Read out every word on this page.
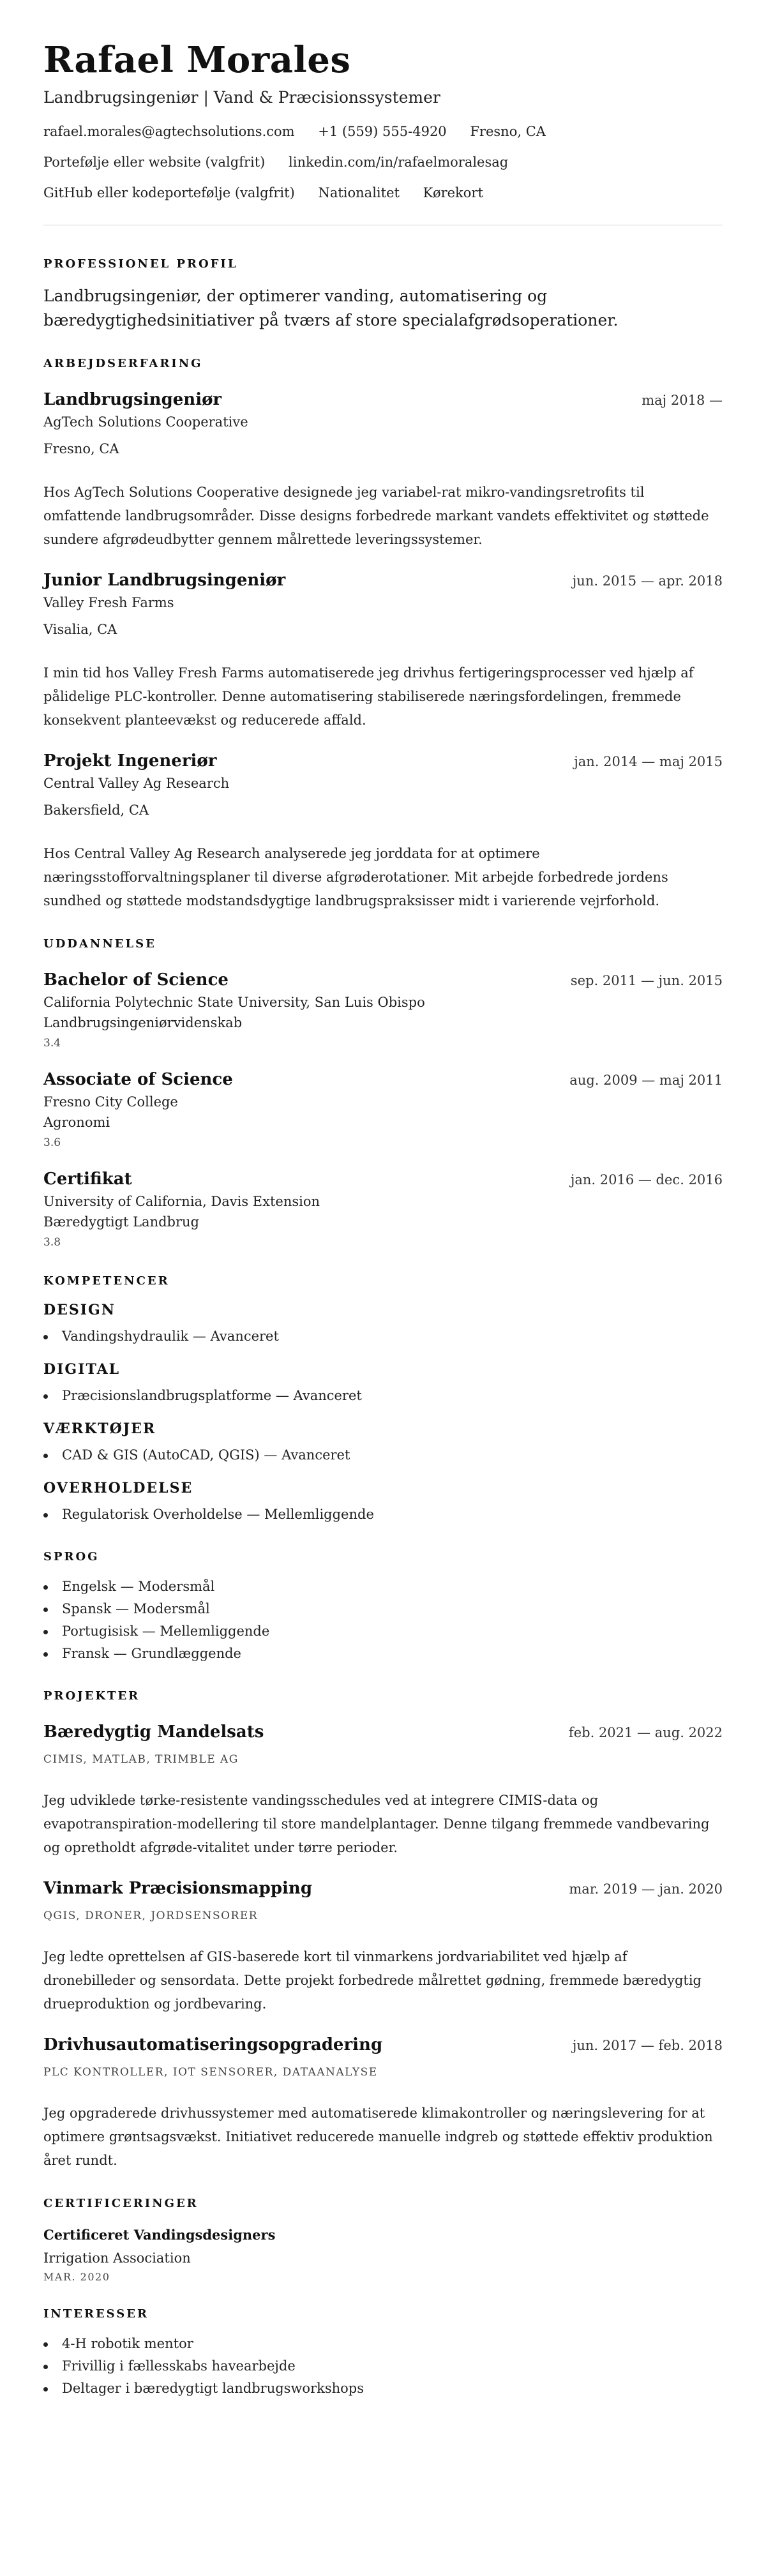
Rafael Morales
Landbrugsingeniør | Vand & Præcisionssystemer
rafael.morales@agtechsolutions.com +1 (559) 555-4920 Fresno, CA
Portefølje eller website (valgfrit) linkedin.com/in/rafaelmoralesag
GitHub eller kodeportefølje (valgfrit) Nationalitet Kørekort
PROFESSIONEL PROFIL

Landbrugsingeniør, der optimerer vanding, automatisering og bæredygtighedsinitiativer på tværs af store specialafgrødsoperationer.

ARBEJDSERFARING
Landbrugsingeniør	maj 2018 —
AgTech Solutions Cooperative
Fresno, CA

Hos AgTech Solutions Cooperative designede jeg variabel-rat mikro-vandingsretrofits til omfattende landbrugsområder. Disse designs forbedrede markant vandets effektivitet og støttede sundere afgrødeudbytter gennem målrettede leveringssystemer.

Junior Landbrugsingeniør	jun. 2015 — apr. 2018
Valley Fresh Farms
Visalia, CA

I min tid hos Valley Fresh Farms automatiserede jeg drivhus fertigeringsprocesser ved hjælp af pålidelige PLC-kontroller. Denne automatisering stabiliserede næringsfordelingen, fremmede konsekvent planteevækst og reducerede affald.

Projekt Ingeneriør	jan. 2014 — maj 2015
Central Valley Ag Research
Bakersfield, CA

Hos Central Valley Ag Research analyserede jeg jorddata for at optimere næringsstofforvaltningsplaner til diverse afgrøderotationer. Mit arbejde forbedrede jordens sundhed og støttede modstandsdygtige landbrugspraksisser midt i varierende vejrforhold.

UDDANNELSE
Bachelor of Science	sep. 2011 — jun. 2015
California Polytechnic State University, San Luis Obispo
Landbrugsingeniørvidenskab
3.4
Associate of Science	aug. 2009 — maj 2011
Fresno City College
Agronomi
3.6
Certifikat	jan. 2016 — dec. 2016
University of California, Davis Extension
Bæredygtigt Landbrug
3.8
KOMPETENCER
DESIGN
Vandingshydraulik — Avanceret
DIGITAL
Præcisionslandbrugsplatforme — Avanceret
VÆRKTØJER
CAD & GIS (AutoCAD, QGIS) — Avanceret
OVERHOLDELSE
Regulatorisk Overholdelse — Mellemliggende
SPROG
Engelsk — Modersmål
Spansk — Modersmål
Portugisisk — Mellemliggende
Fransk — Grundlæggende
PROJEKTER
Bæredygtig Mandelsats	feb. 2021 — aug. 2022
CIMIS, MATLAB, TRIMBLE AG

Jeg udviklede tørke-resistente vandingsschedules ved at integrere CIMIS-data og evapotranspiration-modellering til store mandelplantager. Denne tilgang fremmede vandbevaring og opretholdt afgrøde-vitalitet under tørre perioder.

Vinmark Præcisionsmapping	mar. 2019 — jan. 2020
QGIS, DRONER, JORDSENSORER

Jeg ledte oprettelsen af GIS-baserede kort til vinmarkens jordvariabilitet ved hjælp af dronebilleder og sensordata. Dette projekt forbedrede målrettet gødning, fremmede bæredygtig drueproduktion og jordbevaring.

Drivhusautomatiseringsopgradering	jun. 2017 — feb. 2018
PLC KONTROLLER, IOT SENSORER, DATAANALYSE

Jeg opgraderede drivhussystemer med automatiserede klimakontroller og næringslevering for at optimere grøntsagsvækst. Initiativet reducerede manuelle indgreb og støttede effektiv produktion året rundt.

CERTIFICERINGER
Certificeret Vandingsdesigners
Irrigation Association
MAR. 2020
INTERESSER
4-H robotik mentor
Frivillig i fællesskabs havearbejde
Deltager i bæredygtigt landbrugsworkshops
